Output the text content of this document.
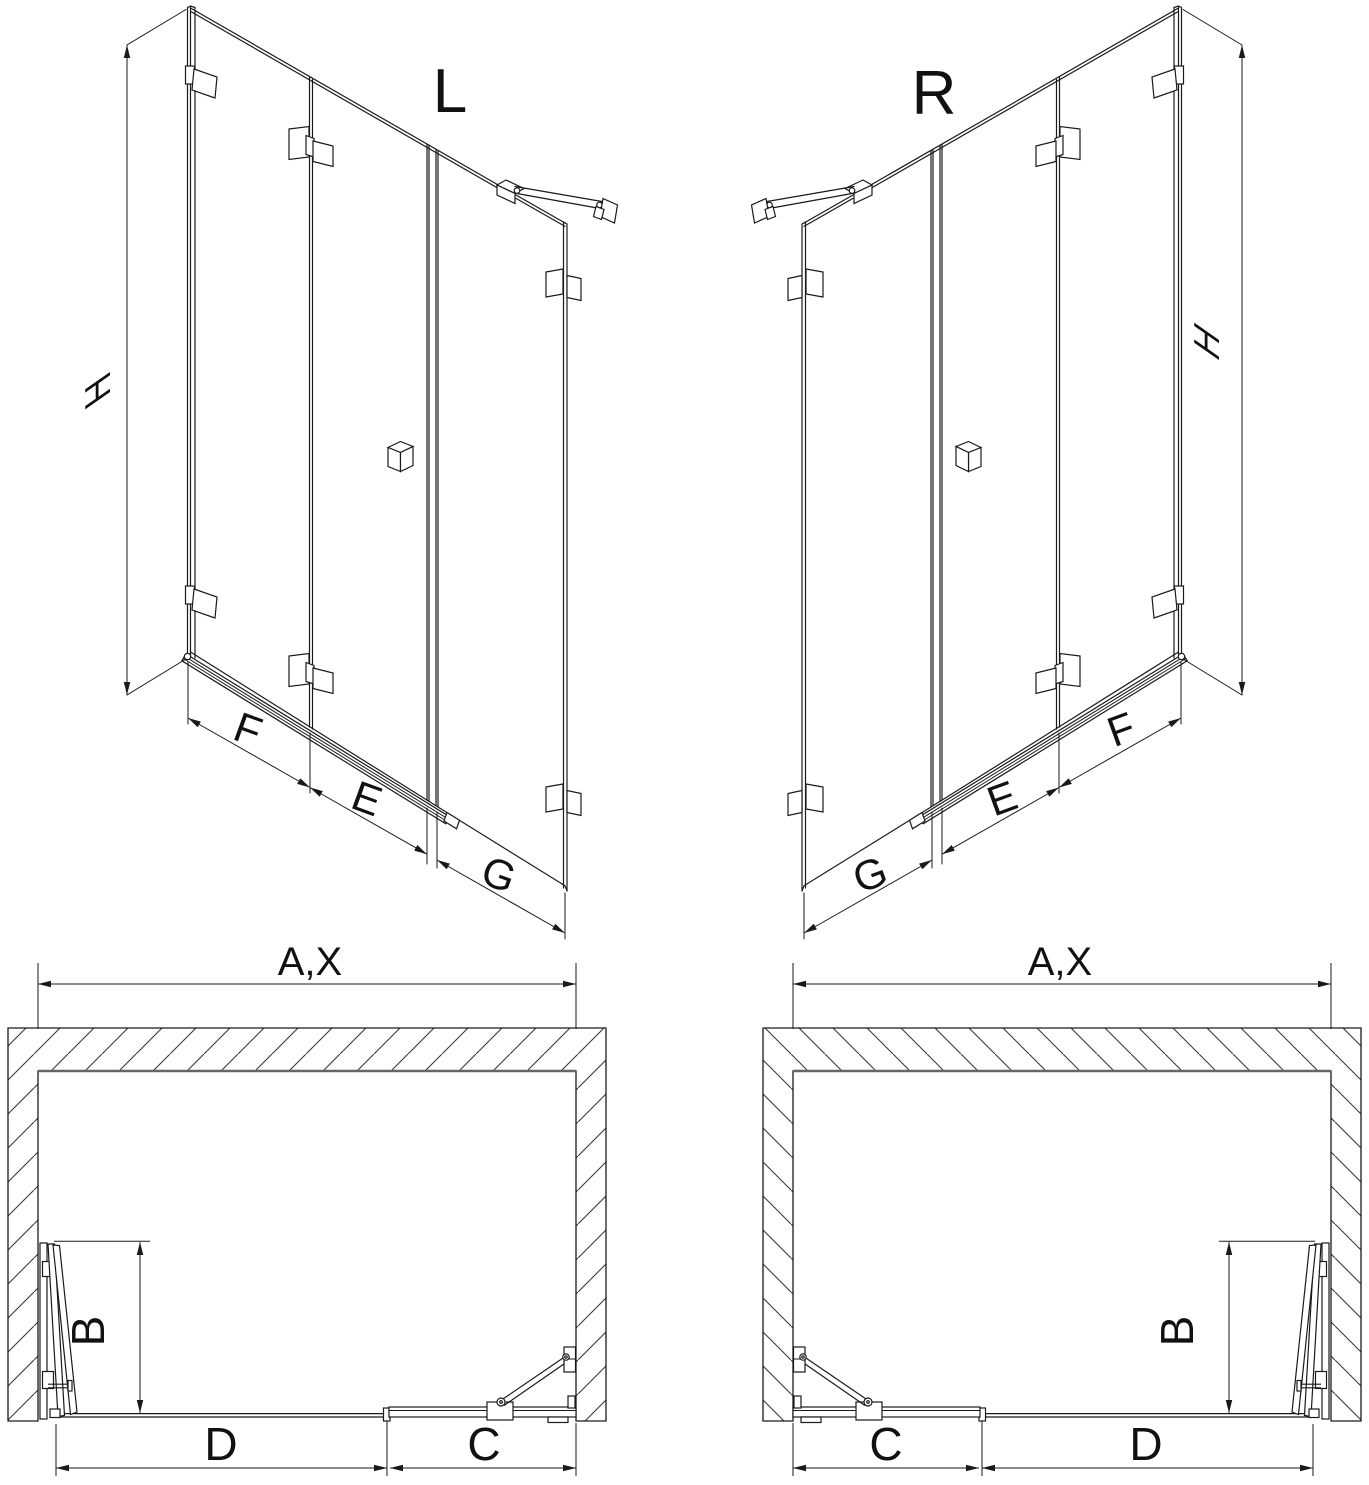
L
H
F
E
G
R
H
G
E
F
A,X
B
D	C
A,X
B
C	D
